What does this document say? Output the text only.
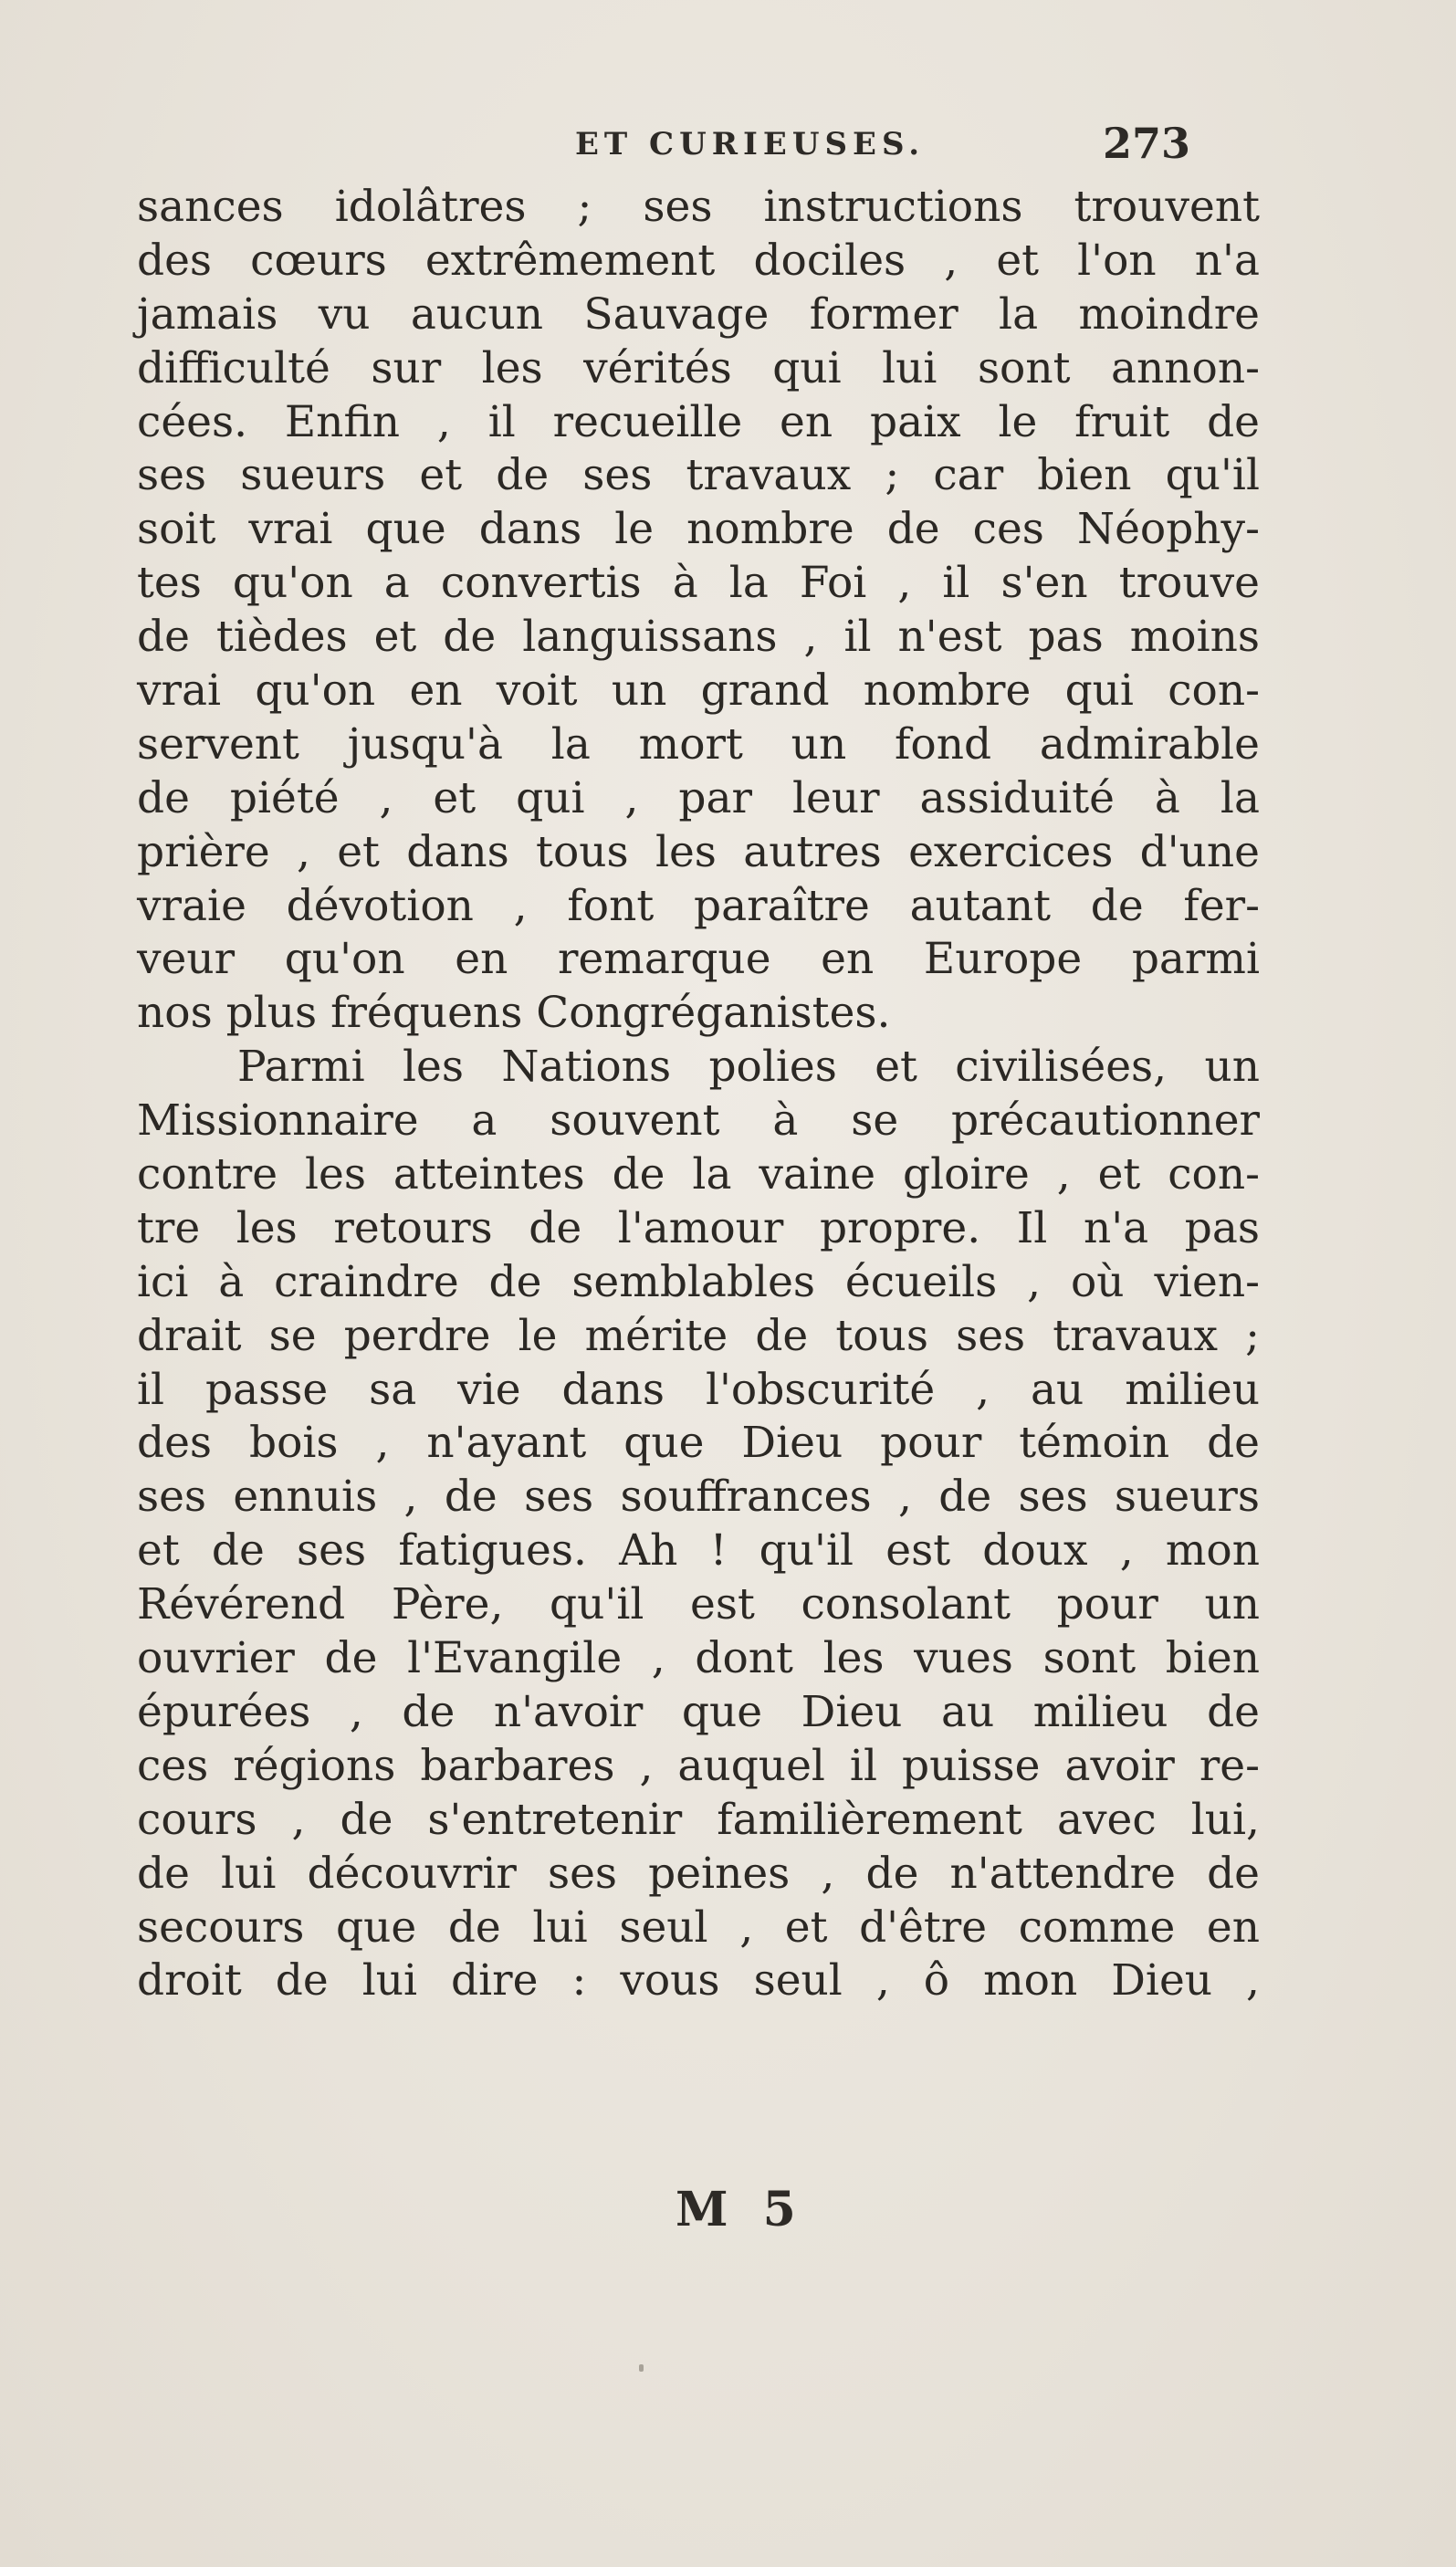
ET CURIEUSES.	273
sances idolâtres ; ses instructions trouvent
des cœurs extrêmement dociles , et l'on n'a
jamais vu aucun Sauvage former la moindre
difficulté sur les vérités qui lui sont annon-
cées. Enfin , il recueille en paix le fruit de
ses sueurs et de ses travaux ; car bien qu'il
soit vrai que dans le nombre de ces Néophy-
tes qu'on a convertis à la Foi , il s'en trouve
de tièdes et de languissans , il n'est pas moins
vrai qu'on en voit un grand nombre qui con-
servent jusqu'à la mort un fond admirable
de piété , et qui , par leur assiduité à la
prière , et dans tous les autres exercices d'une
vraie dévotion , font paraître autant de fer-
veur qu'on en remarque en Europe parmi
nos plus fréquens Congréganistes.
Parmi les Nations polies et civilisées, un
Missionnaire a souvent à se précautionner
contre les atteintes de la vaine gloire , et con-
tre les retours de l'amour propre. Il n'a pas
ici à craindre de semblables écueils , où vien-
drait se perdre le mérite de tous ses travaux ;
il passe sa vie dans l'obscurité , au milieu
des bois , n'ayant que Dieu pour témoin de
ses ennuis , de ses souffrances , de ses sueurs
et de ses fatigues. Ah ! qu'il est doux , mon
Révérend Père, qu'il est consolant pour un
ouvrier de l'Evangile , dont les vues sont bien
épurées , de n'avoir que Dieu au milieu de
ces régions barbares , auquel il puisse avoir re-
cours , de s'entretenir familièrement avec lui,
de lui découvrir ses peines , de n'attendre de
secours que de lui seul , et d'être comme en
droit de lui dire : vous seul , ô mon Dieu ,
M 5
